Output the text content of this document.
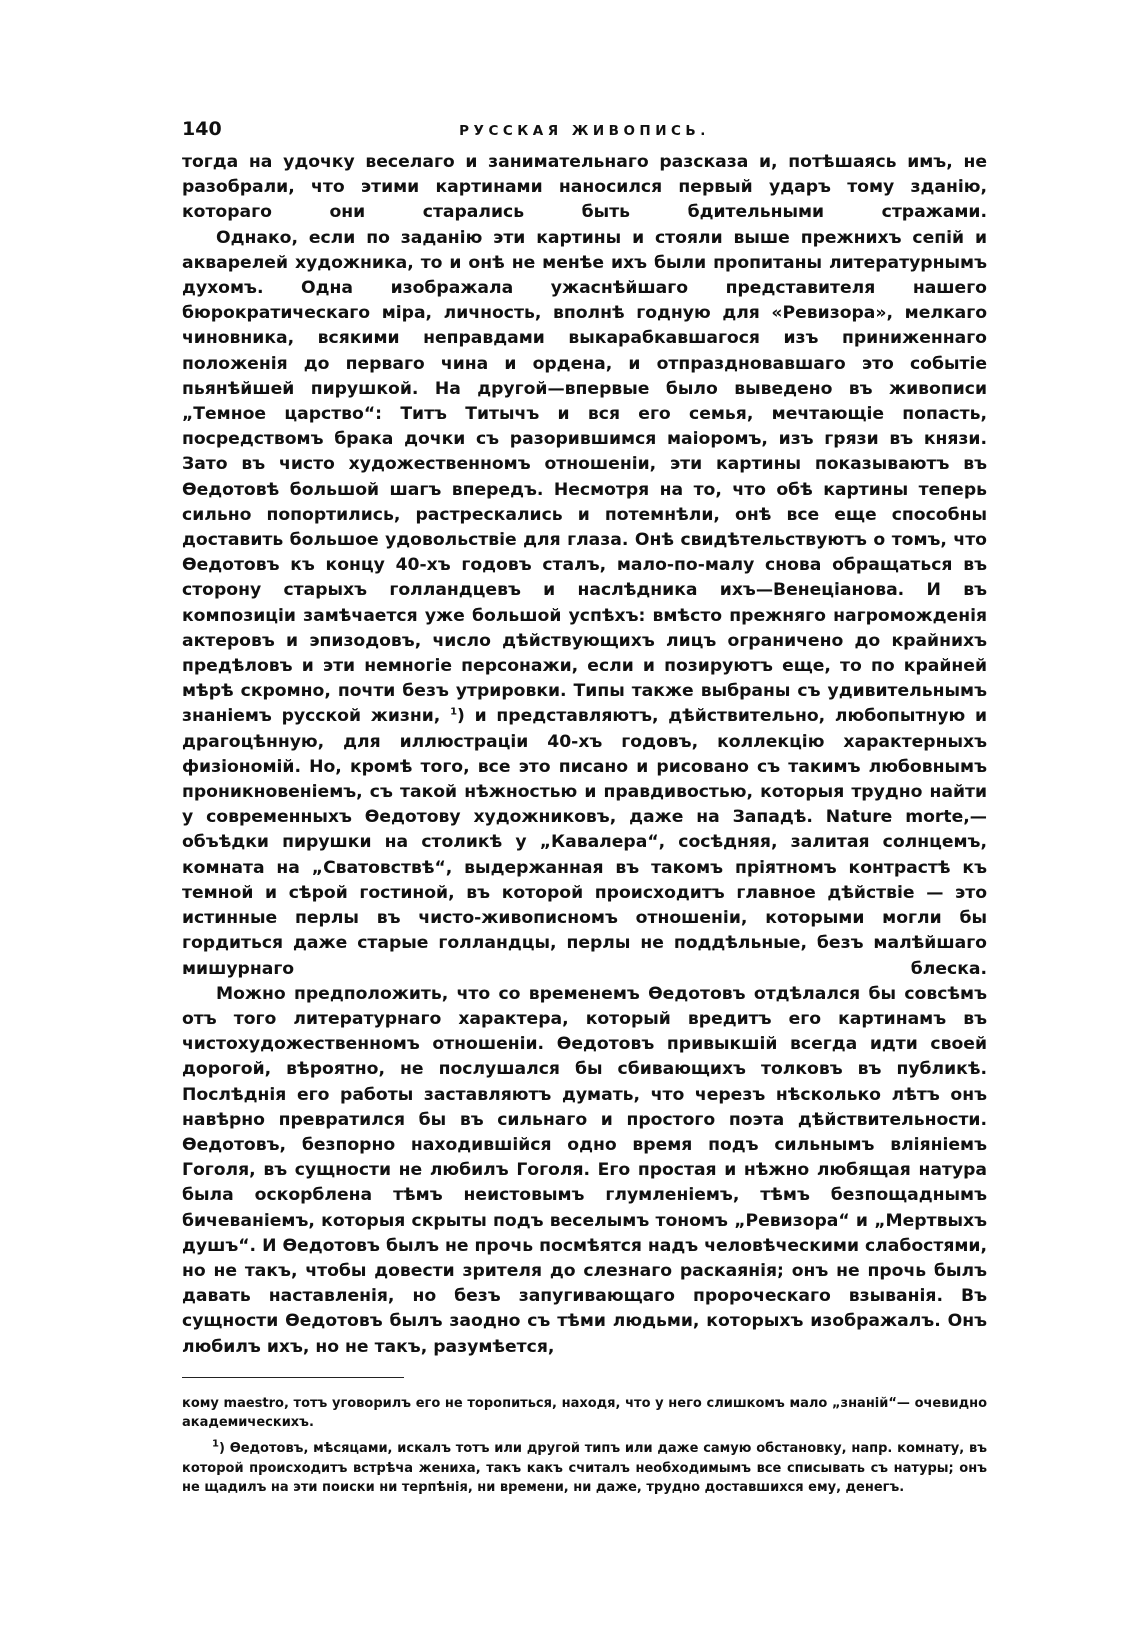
140	РУССКАЯ ЖИВОПИСЬ.

тогда на удочку веселаго и занимательнаго разсказа и, потѣшаясь имъ, не разобрали, что этими картинами наносился первый ударъ тому зданію, котораго они старались быть бдительными стражами.

Однако, если по заданію эти картины и стояли выше прежнихъ сепій и акварелей художника, то и онѣ не менѣе ихъ были пропитаны литературнымъ духомъ. Одна изображала ужаснѣйшаго представителя нашего бюрократическаго міра, личность, вполнѣ годную для «Ревизора», мелкаго чиновника, всякими неправдами выкарабкавшагося изъ приниженнаго положенія до перваго чина и ордена, и отпраздновавшаго это событіе пьянѣйшей пирушкой. На другой—впервые было выведено въ живописи „Темное царство“: Титъ Титычъ и вся его семья, мечтающіе попасть, посредствомъ брака дочки съ разорившимся маіоромъ, изъ грязи въ князи. Зато въ чисто художественномъ отношеніи, эти картины показываютъ въ Ѳедотовѣ большой шагъ впередъ. Несмотря на то, что обѣ картины теперь сильно попортились, растрескались и потемнѣли, онѣ все еще способны доставить большое удовольствіе для глаза. Онѣ свидѣтельствуютъ о томъ, что Ѳедотовъ къ концу 40-хъ годовъ сталъ, мало-по-малу снова обращаться въ сторону старыхъ голландцевъ и наслѣдника ихъ—Венеціанова. И въ композиціи замѣчается уже большой успѣхъ: вмѣсто прежняго нагроможденія актеровъ и эпизодовъ, число дѣйствующихъ лицъ ограничено до крайнихъ предѣловъ и эти немногіе персонажи, если и позируютъ еще, то по крайней мѣрѣ скромно, почти безъ утрировки. Типы также выбраны съ удивительнымъ знаніемъ русской жизни, $^1$) и представляютъ, дѣйствительно, любопытную и драгоцѣнную, для иллюстраціи 40-хъ годовъ, коллекцію характерныхъ физіономій. Но, кромѣ того, все это писано и рисовано съ такимъ любовнымъ проникновеніемъ, съ такой нѣжностью и правдивостью, которыя трудно найти у современныхъ Ѳедотову художниковъ, даже на Западѣ. Nature morte,— объѣдки пирушки на столикѣ у „Кавалера“, сосѣдняя, залитая солнцемъ, комната на „Сватовствѣ“, выдержанная въ такомъ пріятномъ контрастѣ къ темной и сѣрой гостиной, въ которой происходитъ главное дѣйствіе — это истинные перлы въ чисто-живописномъ отношеніи, которыми могли бы гордиться даже старые голландцы, перлы не поддѣльные, безъ малѣйшаго мишурнаго блеска.

Можно предположить, что со временемъ Ѳедотовъ отдѣлался бы совсѣмъ отъ того литературнаго характера, который вредитъ его картинамъ въ чистохудожественномъ отношеніи. Ѳедотовъ привыкшій всегда идти своей дорогой, вѣроятно, не послушался бы сбивающихъ толковъ въ публикѣ. Послѣднія его работы заставляютъ думать, что черезъ нѣсколько лѣтъ онъ навѣрно превратился бы въ сильнаго и простого поэта дѣйствительности. Ѳедотовъ, безпорно находившійся одно время подъ сильнымъ вліяніемъ Гоголя, въ сущности не любилъ Гоголя. Его простая и нѣжно любящая натура была оскорблена тѣмъ неистовымъ глумленіемъ, тѣмъ безпощаднымъ бичеваніемъ, которыя скрыты подъ веселымъ тономъ „Ревизора“ и „Мертвыхъ душъ“. И Ѳедотовъ былъ не прочь посмѣятся надъ человѣческими слабостями, но не такъ, чтобы довести зрителя до слезнаго раскаянія; онъ не прочь былъ давать наставленія, но безъ запугивающаго пророческаго взыванія. Въ сущности Ѳедотовъ былъ заодно съ тѣми людьми, которыхъ изображалъ. Онъ любилъ ихъ, но не такъ, разумѣется,

кому maestro, тотъ уговорилъ его не торопиться, находя, что у него слишкомъ мало „знаній“— очевидно академическихъ.

$^1$) Ѳедотовъ, мѣсяцами, искалъ тотъ или другой типъ или даже самую обстановку, напр. комнату, въ которой происходитъ встрѣча жениха, такъ какъ считалъ необходимымъ все списывать съ натуры; онъ не щадилъ на эти поиски ни терпѣнія, ни времени, ни даже, трудно доставшихся ему, денегъ.
